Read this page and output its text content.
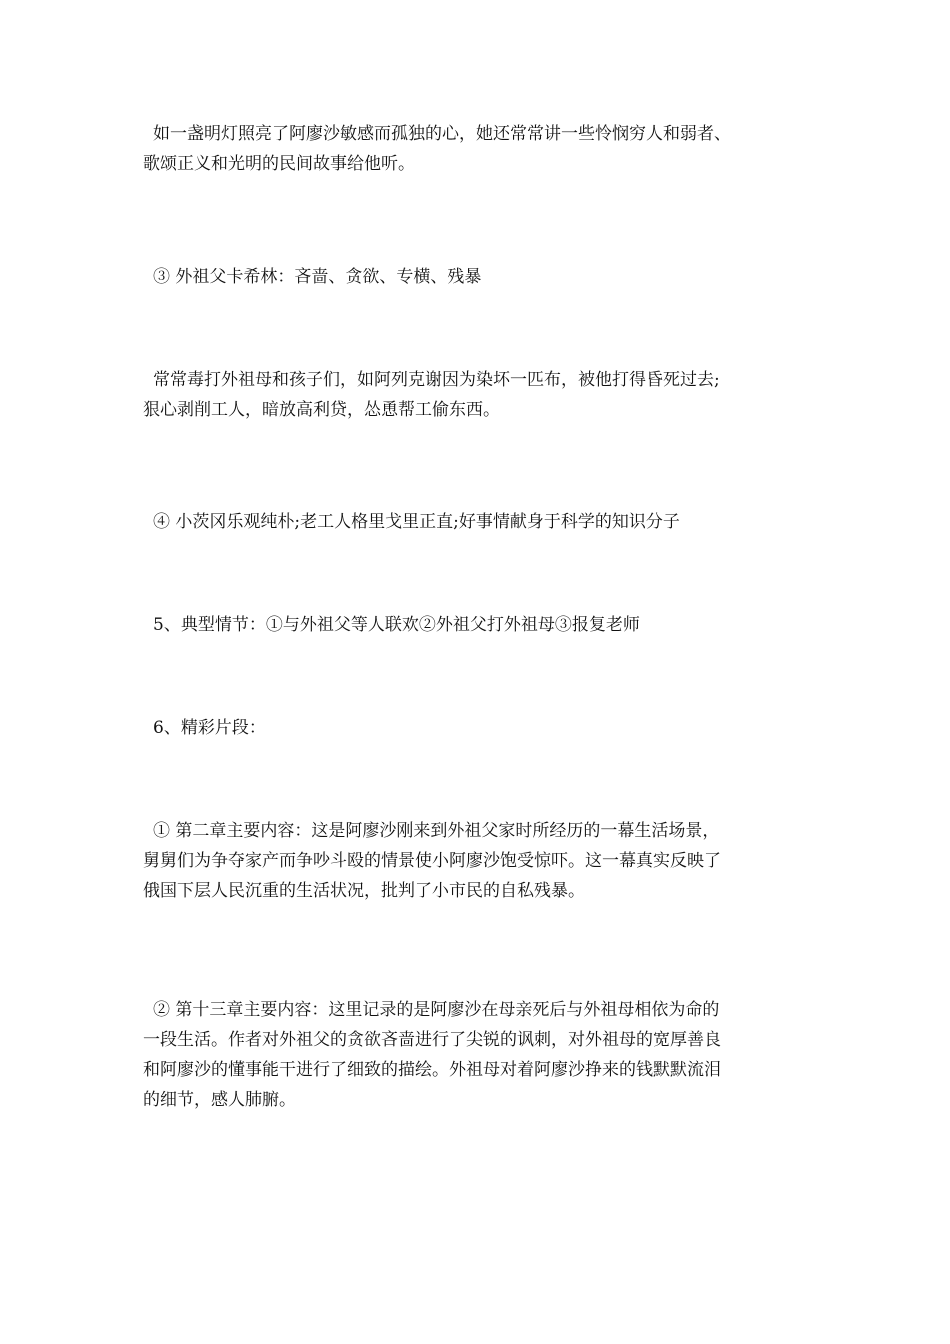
如一盏明灯照亮了阿廖沙敏感而孤独的心，她还常常讲一些怜悯穷人和弱者、
歌颂正义和光明的民间故事给他听。

③ 外祖父卡希林：吝啬、贪欲、专横、残暴

常常毒打外祖母和孩子们，如阿列克谢因为染坏一匹布，被他打得昏死过去;
狠心剥削工人，暗放高利贷，怂恿帮工偷东西。

④ 小茨冈乐观纯朴;老工人格里戈里正直;好事情献身于科学的知识分子

5、典型情节：①与外祖父等人联欢②外祖父打外祖母③报复老师

6、精彩片段：

① 第二章主要内容：这是阿廖沙刚来到外祖父家时所经历的一幕生活场景，
舅舅们为争夺家产而争吵斗殴的情景使小阿廖沙饱受惊吓。这一幕真实反映了
俄国下层人民沉重的生活状况，批判了小市民的自私残暴。

② 第十三章主要内容：这里记录的是阿廖沙在母亲死后与外祖母相依为命的
一段生活。作者对外祖父的贪欲吝啬进行了尖锐的讽刺，对外祖母的宽厚善良
和阿廖沙的懂事能干进行了细致的描绘。外祖母对着阿廖沙挣来的钱默默流泪
的细节，感人肺腑。
